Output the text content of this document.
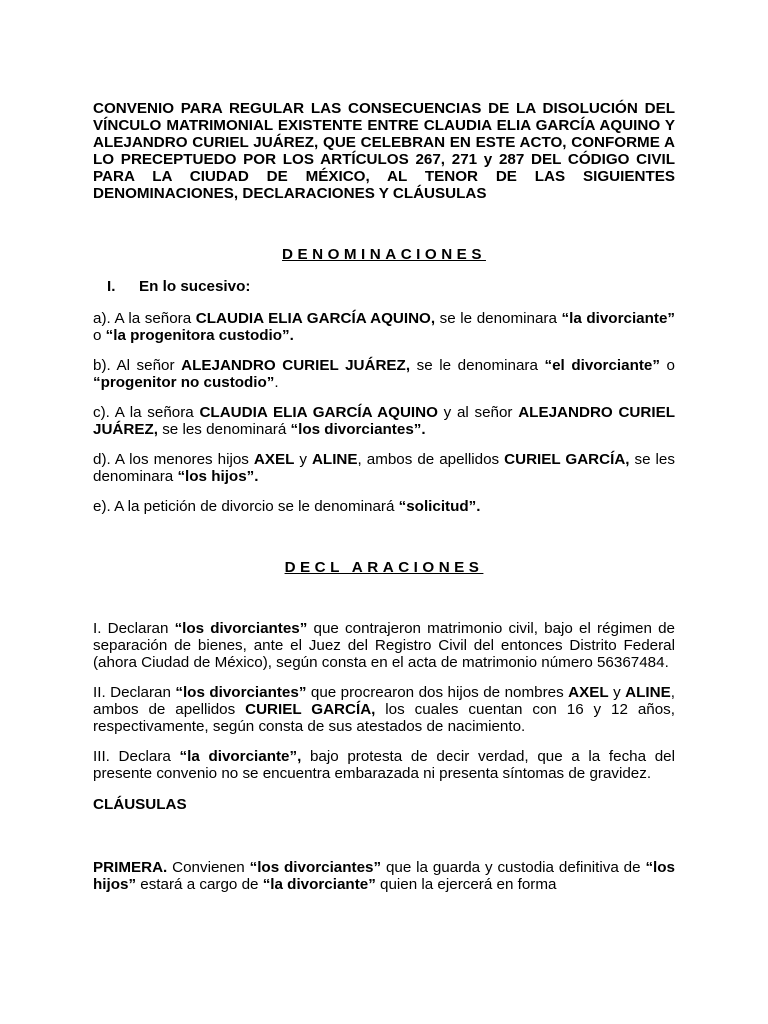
CONVENIO PARA REGULAR LAS CONSECUENCIAS DE LA DISOLUCIÓN DEL VÍNCULO MATRIMONIAL EXISTENTE ENTRE CLAUDIA ELIA GARCÍA AQUINO Y ALEJANDRO CURIEL JUÁREZ, QUE CELEBRAN EN ESTE ACTO, CONFORME A LO PRECEPTUEDO POR LOS ARTÍCULOS 267, 271 y 287 DEL CÓDIGO CIVIL PARA LA CIUDAD DE MÉXICO, AL TENOR DE LAS SIGUIENTES DENOMINACIONES, DECLARACIONES Y CLÁUSULAS

DENOMINACIONES

I. En lo sucesivo:

a). A la señora CLAUDIA ELIA GARCÍA AQUINO, se le denominara “la divorciante” o “la progenitora custodio”.

b). Al señor ALEJANDRO CURIEL JUÁREZ, se le denominara “el divorciante” o “progenitor no custodio”.

c). A la señora CLAUDIA ELIA GARCÍA AQUINO y al señor ALEJANDRO CURIEL JUÁREZ, se les denominará “los divorciantes”.

d). A los menores hijos AXEL y ALINE, ambos de apellidos CURIEL GARCÍA, se les denominara “los hijos”.

e). A la petición de divorcio se le denominará “solicitud”.

DECL ARACIONES

I. Declaran “los divorciantes” que contrajeron matrimonio civil, bajo el régimen de separación de bienes, ante el Juez del Registro Civil del entonces Distrito Federal (ahora Ciudad de México), según consta en el acta de matrimonio número 56367484.

II. Declaran “los divorciantes” que procrearon dos hijos de nombres AXEL y ALINE, ambos de apellidos CURIEL GARCÍA, los cuales cuentan con 16 y 12 años, respectivamente, según consta de sus atestados de nacimiento.

III. Declara “la divorciante”, bajo protesta de decir verdad, que a la fecha del presente convenio no se encuentra embarazada ni presenta síntomas de gravidez.

CLÁUSULAS

PRIMERA. Convienen “los divorciantes” que la guarda y custodia definitiva de “los hijos” estará a cargo de “la divorciante” quien la ejercerá en forma
